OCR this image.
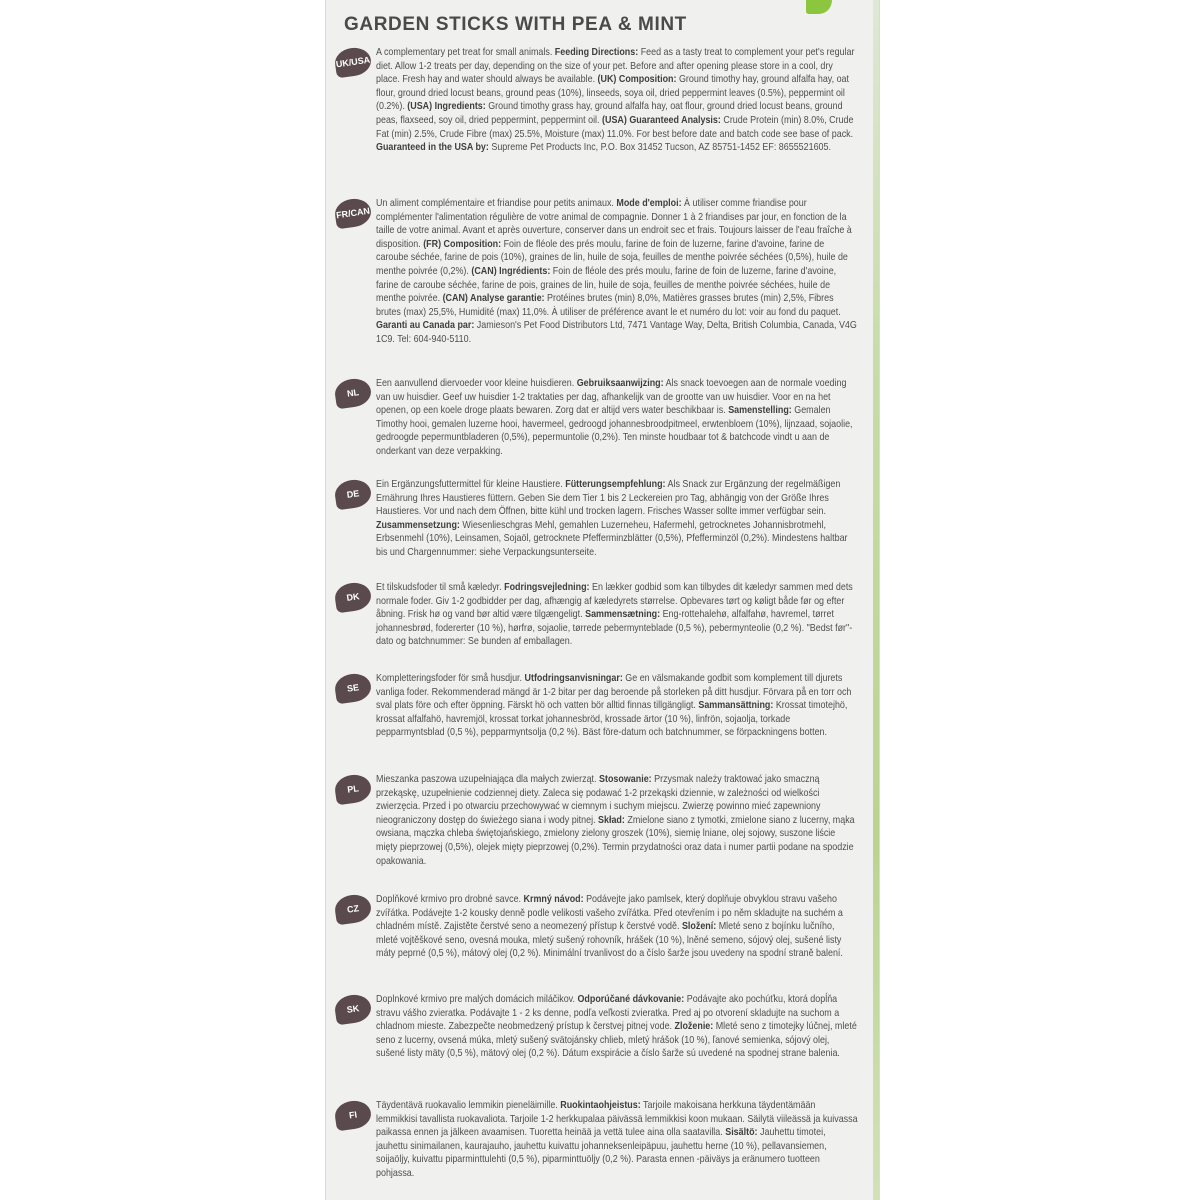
GARDEN STICKS WITH PEA & MINT
UK/USA
A complementary pet treat for small animals. Feeding Directions: Feed as a tasty treat to complement your pet's regular diet. Allow 1-2 treats per day, depending on the size of your pet. Before and after opening please store in a cool, dry place. Fresh hay and water should always be available. (UK) Composition: Ground timothy hay, ground alfalfa hay, oat flour, ground dried locust beans, ground peas (10%), linseeds, soya oil, dried peppermint leaves (0.5%), peppermint oil (0.2%). (USA) Ingredients: Ground timothy grass hay, ground alfalfa hay, oat flour, ground dried locust beans, ground peas, flaxseed, soy oil, dried peppermint, peppermint oil. (USA) Guaranteed Analysis: Crude Protein (min) 8.0%, Crude Fat (min) 2.5%, Crude Fibre (max) 25.5%, Moisture (max) 11.0%. For best before date and batch code see base of pack. Guaranteed in the USA by: Supreme Pet Products Inc, P.O. Box 31452 Tucson, AZ 85751-1452 EF: 8655521605.
FR/CAN
Un aliment complémentaire et friandise pour petits animaux. Mode d'emploi: À utiliser comme friandise pour complémenter l'alimentation régulière de votre animal de compagnie. Donner 1 à 2 friandises par jour, en fonction de la taille de votre animal. Avant et après ouverture, conserver dans un endroit sec et frais. Toujours laisser de l'eau fraîche à disposition. (FR) Composition: Foin de fléole des prés moulu, farine de foin de luzerne, farine d'avoine, farine de caroube séchée, farine de pois (10%), graines de lin, huile de soja, feuilles de menthe poivrée séchées (0,5%), huile de menthe poivrée (0,2%). (CAN) Ingrédients: Foin de fléole des prés moulu, farine de foin de luzerne, farine d'avoine, farine de caroube séchée, farine de pois, graines de lin, huile de soja, feuilles de menthe poivrée séchées, huile de menthe poivrée. (CAN) Analyse garantie: Protéines brutes (min) 8,0%, Matières grasses brutes (min) 2,5%, Fibres brutes (max) 25,5%, Humidité (max) 11,0%. À utiliser de préférence avant le et numéro du lot: voir au fond du paquet. Garanti au Canada par: Jamieson's Pet Food Distributors Ltd, 7471 Vantage Way, Delta, British Columbia, Canada, V4G 1C9. Tel: 604-940-5110.
NL
Een aanvullend diervoeder voor kleine huisdieren. Gebruiksaanwijzing: Als snack toevoegen aan de normale voeding van uw huisdier. Geef uw huisdier 1-2 traktaties per dag, afhankelijk van de grootte van uw huisdier. Voor en na het openen, op een koele droge plaats bewaren. Zorg dat er altijd vers water beschikbaar is. Samenstelling: Gemalen Timothy hooi, gemalen luzerne hooi, havermeel, gedroogd johannesbroodpitmeel, erwtenbloem (10%), lijnzaad, sojaolie, gedroogde pepermuntbladeren (0,5%), pepermuntolie (0,2%). Ten minste houdbaar tot & batchcode vindt u aan de onderkant van deze verpakking.
DE
Ein Ergänzungsfuttermittel für kleine Haustiere. Fütterungsempfehlung: Als Snack zur Ergänzung der regelmäßigen Ernährung Ihres Haustieres füttern. Geben Sie dem Tier 1 bis 2 Leckereien pro Tag, abhängig von der Größe Ihres Haustieres. Vor und nach dem Öffnen, bitte kühl und trocken lagern. Frisches Wasser sollte immer verfügbar sein. Zusammensetzung: Wiesenlieschgras Mehl, gemahlen Luzerneheu, Hafermehl, getrocknetes Johannisbrotmehl, Erbsenmehl (10%), Leinsamen, Sojaöl, getrocknete Pfefferminzblätter (0,5%), Pfefferminzöl (0,2%). Mindestens haltbar bis und Chargennummer: siehe Verpackungsunterseite.
DK
Et tilskudsfoder til små kæledyr. Fodringsvejledning: En lækker godbid som kan tilbydes dit kæledyr sammen med dets normale foder. Giv 1-2 godbidder per dag, afhængig af kæledyrets størrelse. Opbevares tørt og køligt både før og efter åbning. Frisk hø og vand bør altid være tilgængeligt. Sammensætning: Eng-rottehalehø, alfalfahø, havremel, tørret johannesbrød, fodererter (10 %), hørfrø, sojaolie, tørrede pebermynteblade (0,5 %), pebermynteolie (0,2 %). "Bedst før"-dato og batchnummer: Se bunden af emballagen.
SE
Kompletteringsfoder för små husdjur. Utfodringsanvisningar: Ge en välsmakande godbit som komplement till djurets vanliga foder. Rekommenderad mängd är 1-2 bitar per dag beroende på storleken på ditt husdjur. Förvara på en torr och sval plats före och efter öppning. Färskt hö och vatten bör alltid finnas tillgängligt. Sammansättning: Krossat timotejhö, krossat alfalfahö, havremjöl, krossat torkat johannesbröd, krossade ärtor (10 %), linfrön, sojaolja, torkade pepparmyntsblad (0,5 %), pepparmyntsolja (0,2 %). Bäst före-datum och batchnummer, se förpackningens botten.
PL
Mieszanka paszowa uzupełniająca dla małych zwierząt. Stosowanie: Przysmak należy traktować jako smaczną przekąskę, uzupełnienie codziennej diety. Zaleca się podawać 1-2 przekąski dziennie, w zależności od wielkości zwierzęcia. Przed i po otwarciu przechowywać w ciemnym i suchym miejscu. Zwierzę powinno mieć zapewniony nieograniczony dostęp do świeżego siana i wody pitnej. Skład: Zmielone siano z tymotki, zmielone siano z lucerny, mąka owsiana, mączka chleba świętojańskiego, zmielony zielony groszek (10%), siemię lniane, olej sojowy, suszone liście mięty pieprzowej (0,5%), olejek mięty pieprzowej (0,2%). Termin przydatności oraz data i numer partii podane na spodzie opakowania.
CZ
Doplňkové krmivo pro drobné savce. Krmný návod: Podávejte jako pamlsek, který doplňuje obvyklou stravu vašeho zvířátka. Podávejte 1-2 kousky denně podle velikosti vašeho zvířátka. Před otevřením i po něm skladujte na suchém a chladném místě. Zajistěte čerstvé seno a neomezený přístup k čerstvé vodě. Složení: Mleté seno z bojínku lučního, mleté vojtěškové seno, ovesná mouka, mletý sušený rohovník, hrášek (10 %), lněné semeno, sójový olej, sušené listy máty peprné (0,5 %), mátový olej (0,2 %). Minimální trvanlivost do a číslo šarže jsou uvedeny na spodní straně balení.
SK
Doplnkové krmivo pre malých domácich miláčikov. Odporúčané dávkovanie: Podávajte ako pochúťku, ktorá dopĺňa stravu vášho zvieratka. Podávajte 1 - 2 ks denne, podľa veľkosti zvieratka. Pred aj po otvorení skladujte na suchom a chladnom mieste. Zabezpečte neobmedzený prístup k čerstvej pitnej vode. Zloženie: Mleté seno z timotejky lúčnej, mleté seno z lucerny, ovsená múka, mletý sušený svätojánsky chlieb, mletý hrášok (10 %), ľanové semienka, sójový olej, sušené listy mäty (0,5 %), mätový olej (0,2 %). Dátum exspirácie a číslo šarže sú uvedené na spodnej strane balenia.
FI
Täydentävä ruokavalio lemmikin pieneläimille. Ruokintaohjeistus: Tarjoile makoisana herkkuna täydentämään lemmikkisi tavallista ruokavaliota. Tarjoile 1-2 herkkupalaa päivässä lemmikkisi koon mukaan. Säilytä viileässä ja kuivassa paikassa ennen ja jälkeen avaamisen. Tuoretta heinää ja vettä tulee aina olla saatavilla. Sisältö: Jauhettu timotei, jauhettu sinimailanen, kaurajauho, jauhettu kuivattu johanneksenleipäpuu, jauhettu herne (10 %), pellavansiemen, soijaöljy, kuivattu piparminttulehti (0,5 %), piparminttuöljy (0,2 %). Parasta ennen -päiväys ja eränumero tuotteen pohjassa.
